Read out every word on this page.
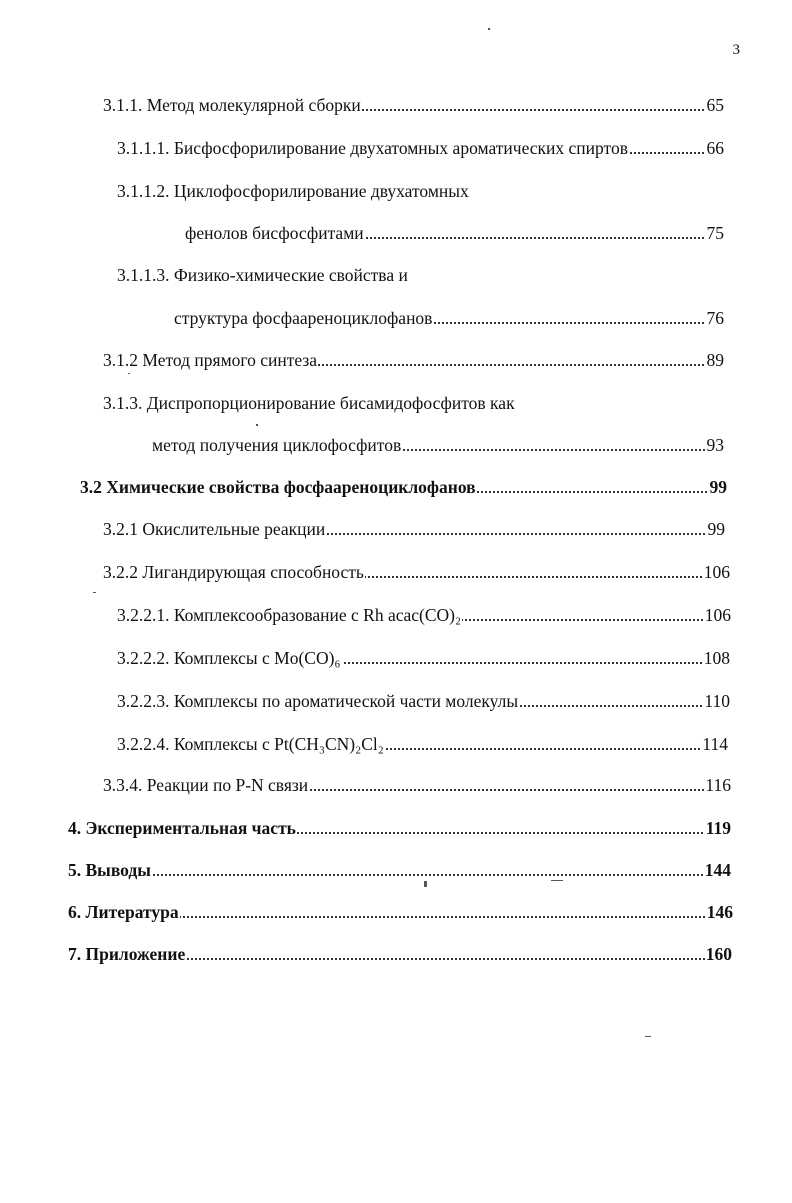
3
3.1.1. Метод молекулярной сборки	65
3.1.1.1. Бисфосфорилирование двухатомных ароматических спиртов	66
3.1.1.2. Циклофосфорилирование двухатомных
фенолов бисфосфитами	75
3.1.1.3. Физико-химические свойства и
структура фосфаареноциклофанов	76
3.1.2 Метод прямого синтеза	89
3.1.3. Диспропорционирование бисамидофосфитов как
метод получения циклофосфитов	93
3.2 Химические свойства фосфаареноциклофанов	99
3.2.1 Окислительные реакции	99
3.2.2 Лигандирующая способность	106
3.2.2.1. Комплексообразование с Rh acac(CO)₂	106
3.2.2.2. Комплексы с Mo(CO)₆	108
3.2.2.3. Комплексы по ароматической части молекулы	110
3.2.2.4. Комплексы с Pt(CH₃CN)₂Cl₂	114
3.3.4. Реакции по P-N связи	116
4. Экспериментальная часть	119
5. Выводы	144
6. Литература	146
7. Приложение	160
